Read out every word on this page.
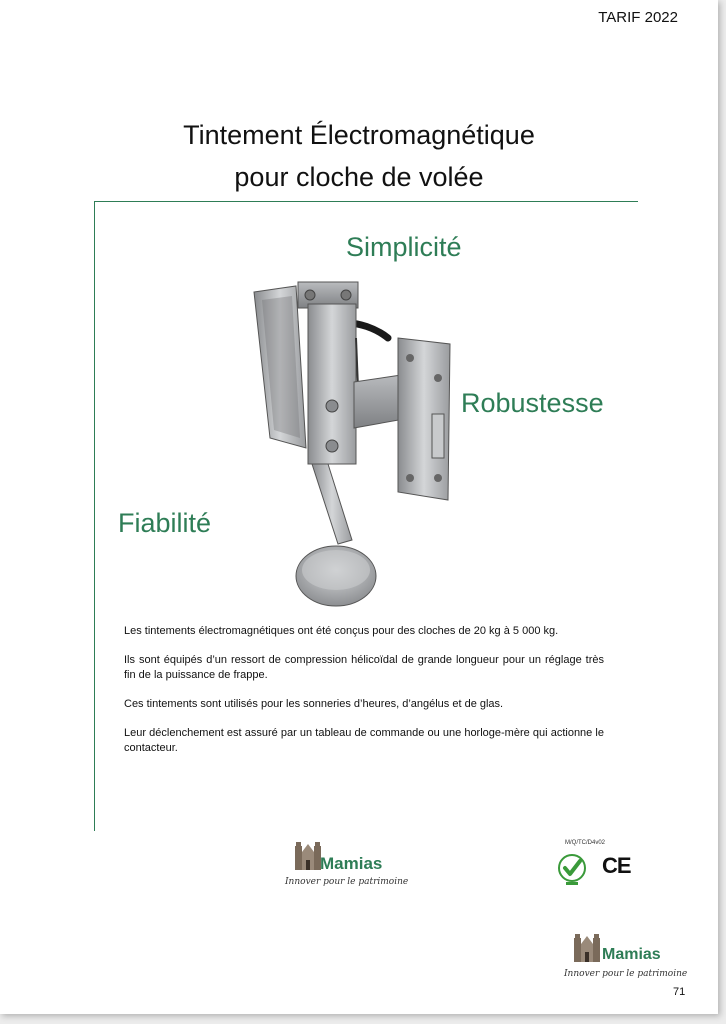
TARIF 2022
Tintement Électromagnétique
pour cloche de volée
Simplicité
Robustesse
Fiabilité

Les tintements électromagnétiques ont été conçus pour des cloches de 20 kg à 5 000 kg.

Ils sont équipés d’un ressort de compression hélicoïdal de grande longueur pour un réglage très fin de la puissance de frappe.

Ces tintements sont utilisés pour les sonneries d’heures, d’angélus et de glas.

Leur déclenchement est assuré par un tableau de commande ou une horloge-mère qui actionne le contacteur.

Mamias
Innover pour le patrimoine
M/Q/TC/D4v02
CE
Mamias
Innover pour le patrimoine
71
